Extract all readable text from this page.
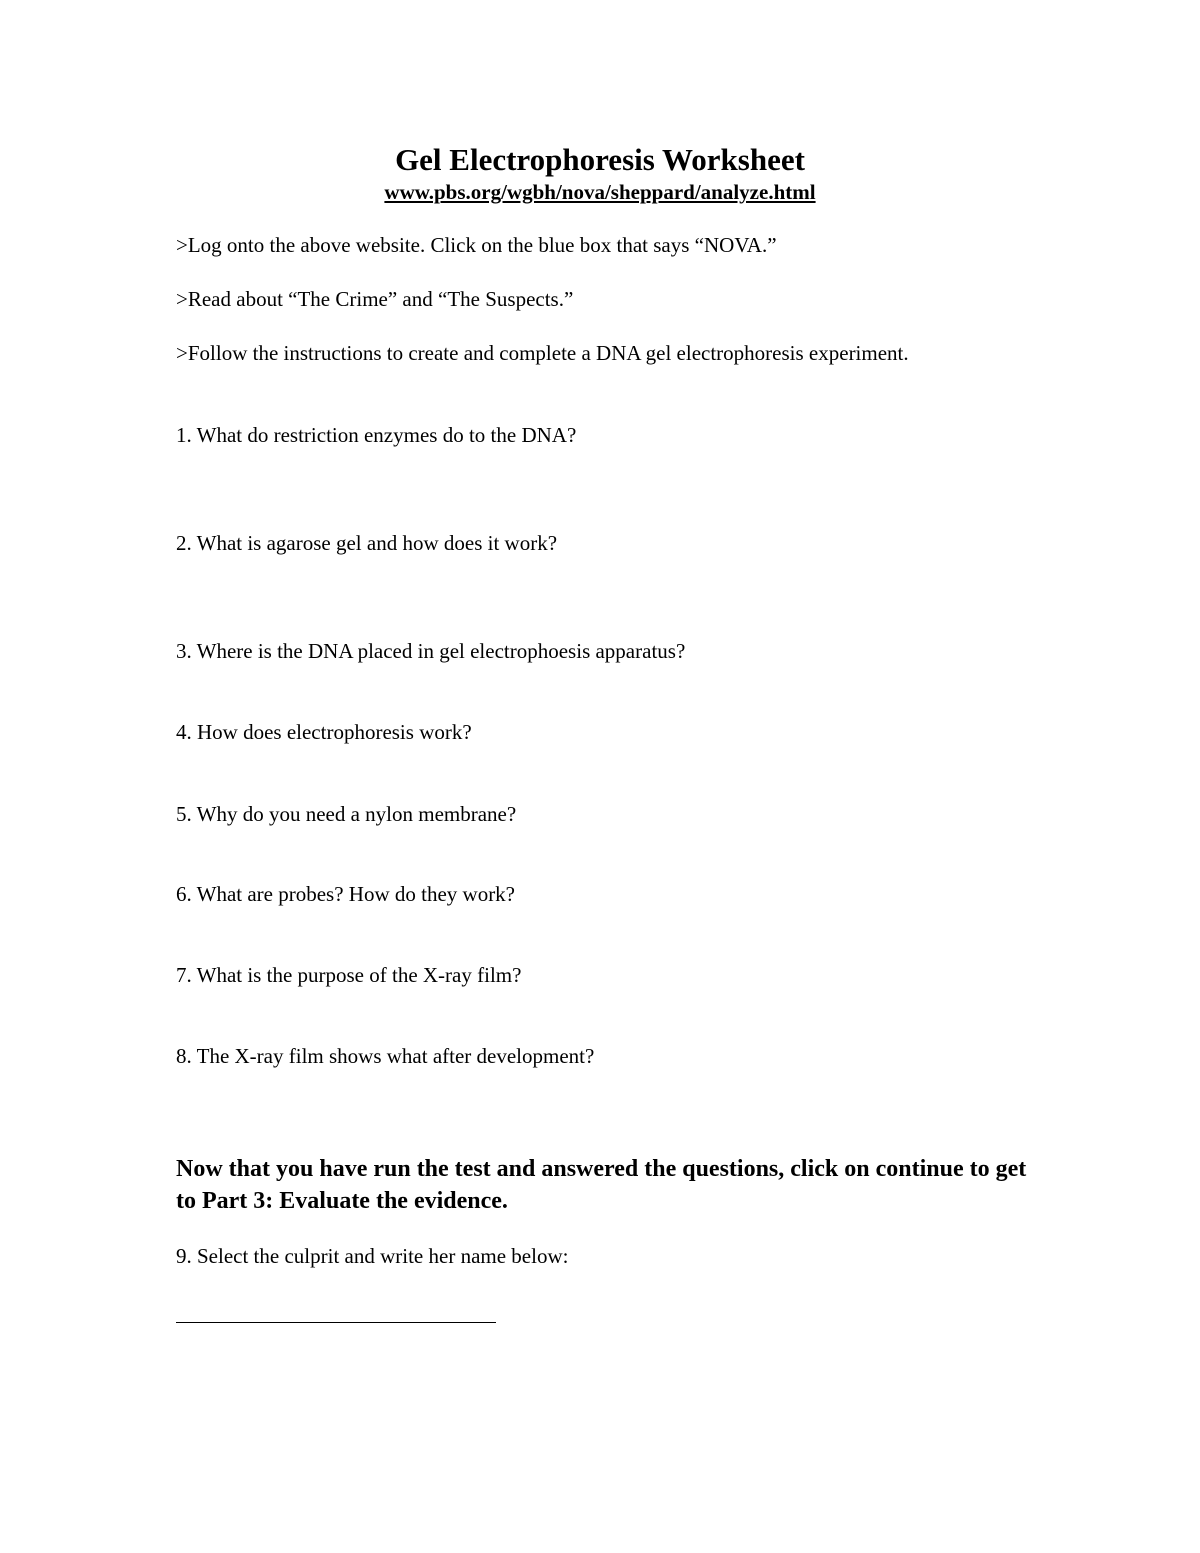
Gel Electrophoresis Worksheet
www.pbs.org/wgbh/nova/sheppard/analyze.html
>Log onto the above website. Click on the blue box that says “NOVA.”
>Read about “The Crime” and “The Suspects.”
>Follow the instructions to create and complete a DNA gel electrophoresis experiment.
1. What do restriction enzymes do to the DNA?
2. What is agarose gel and how does it work?
3. Where is the DNA placed in gel electrophoesis apparatus?
4. How does electrophoresis work?
5. Why do you need a nylon membrane?
6. What are probes? How do they work?
7. What is the purpose of the X-ray film?
8. The X-ray film shows what after development?
Now that you have run the test and answered the questions, click on continue to get to Part 3: Evaluate the evidence.
9. Select the culprit and write her name below:
